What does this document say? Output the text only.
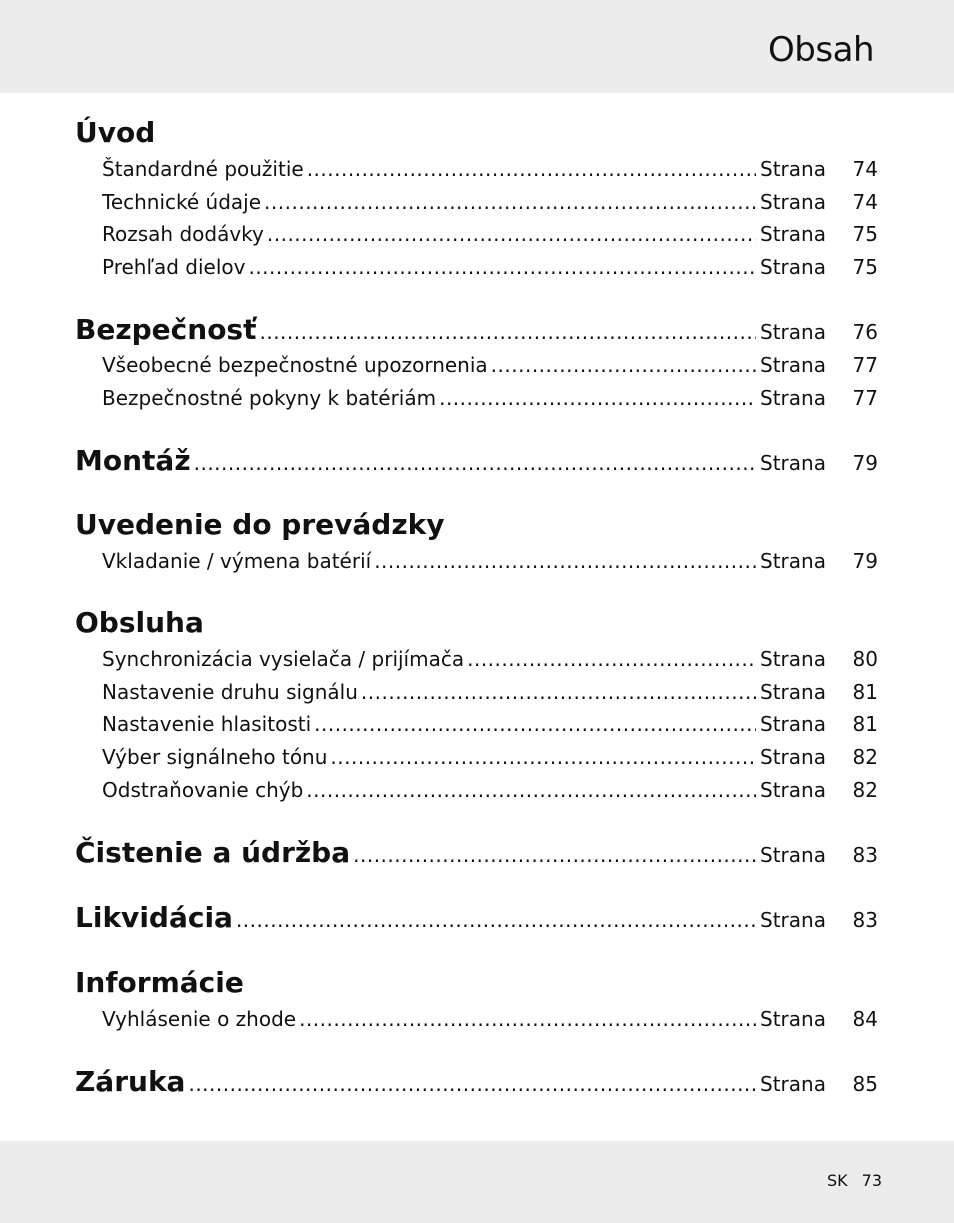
Obsah
Úvod
Štandardné použitie .....	Strana	74
Technické údaje .....	Strana	74
Rozsah dodávky .....	Strana	75
Prehľad dielov .....	Strana	75
Bezpečnosť .....	Strana	76
Všeobecné bezpečnostné upozornenia .....	Strana	77
Bezpečnostné pokyny k batériám .....	Strana	77
Montáž .....	Strana	79
Uvedenie do prevádzky
Vkladanie / výmena batérií .....	Strana	79
Obsluha
Synchronizácia vysielača / prijímača .....	Strana	80
Nastavenie druhu signálu .....	Strana	81
Nastavenie hlasitosti .....	Strana	81
Výber signálneho tónu .....	Strana	82
Odstraňovanie chýb .....	Strana	82
Čistenie a údržba .....	Strana	83
Likvidácia .....	Strana	83
Informácie
Vyhlásenie o zhode .....	Strana	84
Záruka .....	Strana	85
SK 73
